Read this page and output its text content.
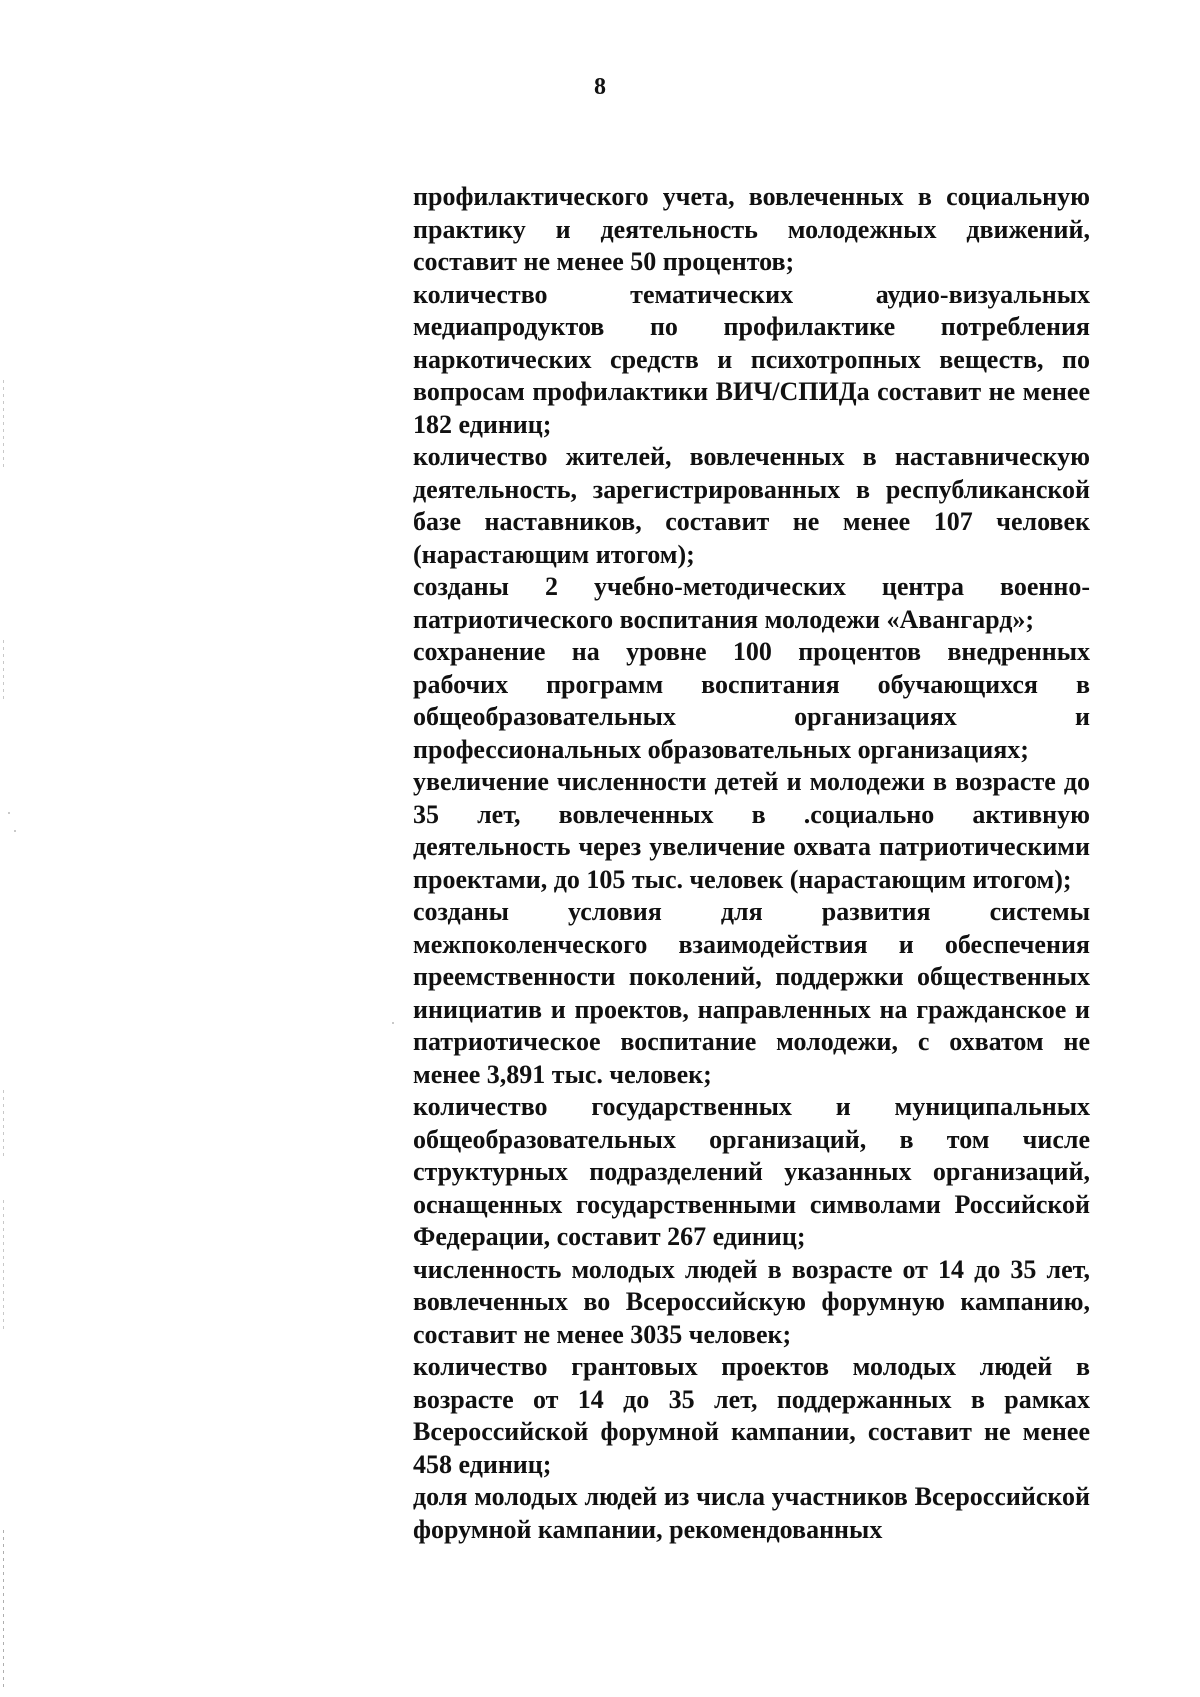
8

профилактического учета, вовлеченных в социальную практику и деятельность молодежных движений, составит не менее 50 процентов;

количество тематических аудио-визуальных медиапродуктов по профилактике потребления наркотических средств и психотропных веществ, по вопросам профилактики ВИЧ/СПИДа составит не менее 182 единиц;

количество жителей, вовлеченных в наставническую деятельность, зарегистрированных в республиканской базе наставников, составит не менее 107 человек (нарастающим итогом);

созданы 2 учебно-методических центра военно-патриотического воспитания молодежи «Авангард»;

сохранение на уровне 100 процентов внедренных рабочих программ воспитания обучающихся в общеобразовательных организациях и профессиональных образовательных организациях;

увеличение численности детей и молодежи в возрасте до 35 лет, вовлеченных в .социально активную деятельность через увеличение охвата патриотическими проектами, до 105 тыс. человек (нарастающим итогом);

созданы условия для развития системы межпоколенческого взаимодействия и обеспечения преемственности поколений, поддержки общественных инициатив и проектов, направленных на гражданское и патриотическое воспитание молодежи, с охватом не менее 3,891 тыс. человек;

количество государственных и муниципальных общеобразовательных организаций, в том числе структурных подразделений указанных организаций, оснащенных государственными символами Российской Федерации, составит 267 единиц;

численность молодых людей в возрасте от 14 до 35 лет, вовлеченных во Всероссийскую форумную кампанию, составит не менее 3035 человек;

количество грантовых проектов молодых людей в возрасте от 14 до 35 лет, поддержанных в рамках Всероссийской форумной кампании, составит не менее 458 единиц;

доля молодых людей из числа участников Всероссийской форумной кампании, рекомендованных
